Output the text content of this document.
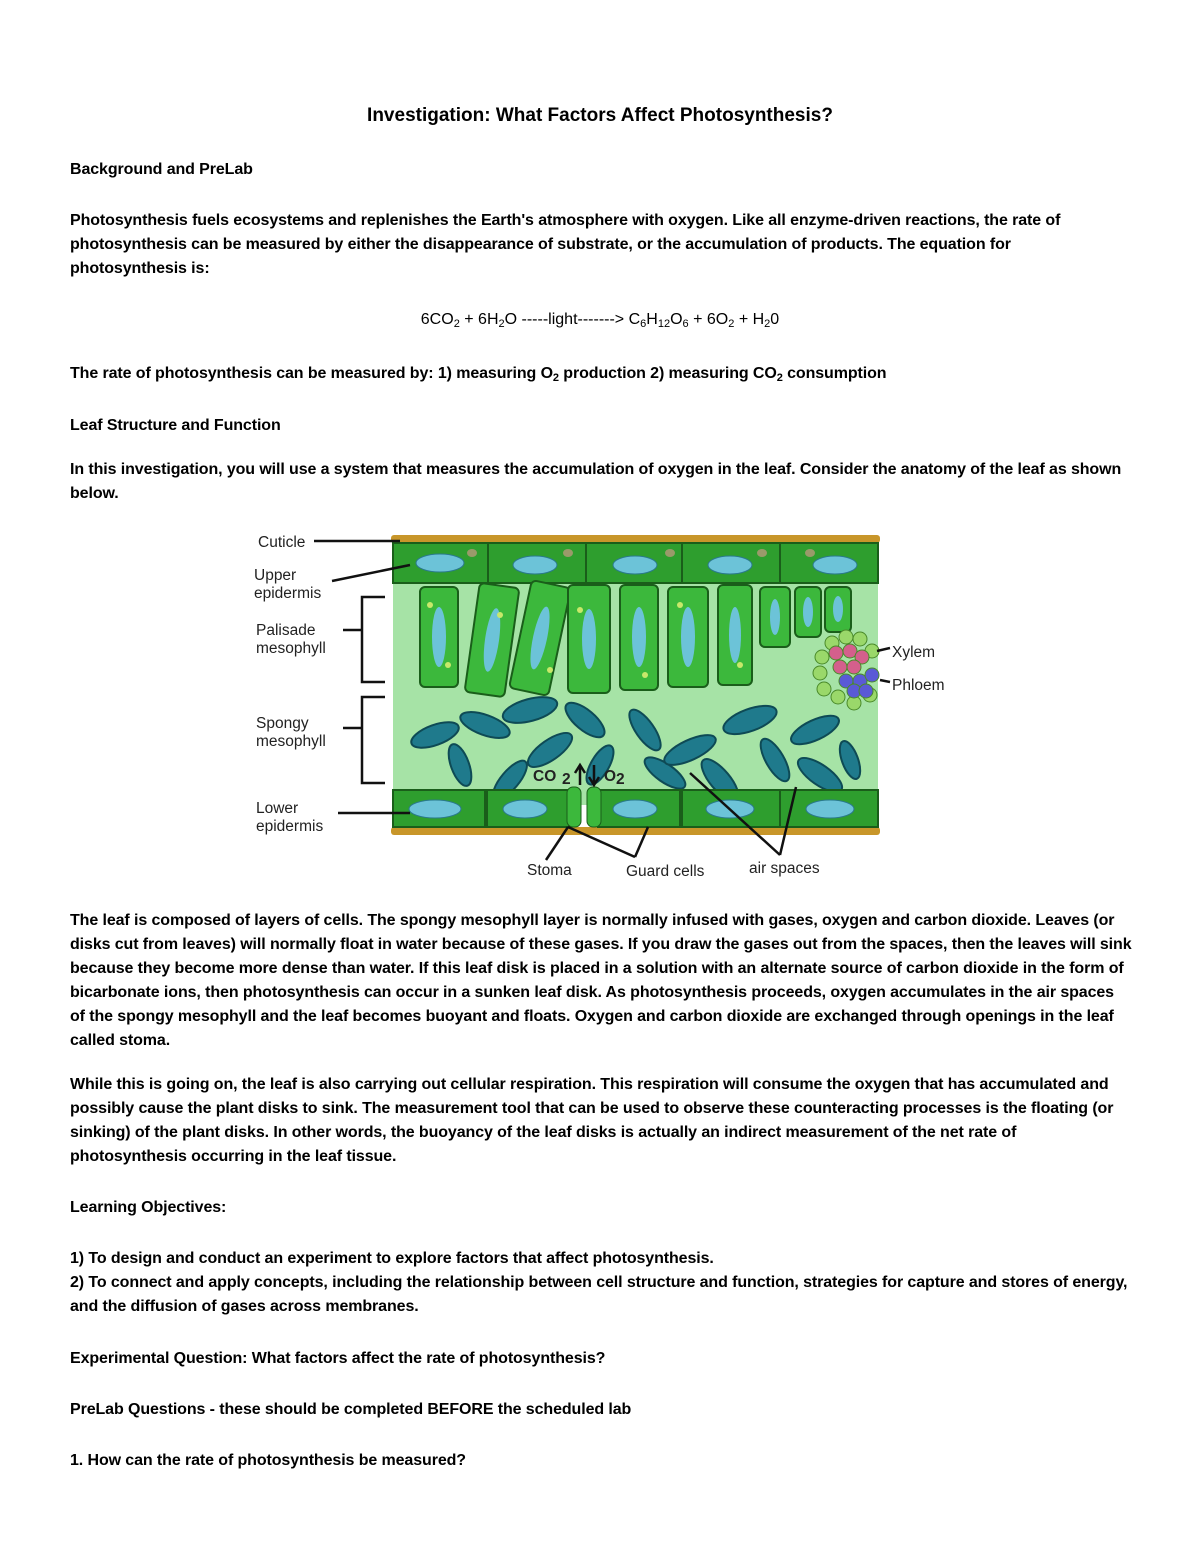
Investigation: What Factors Affect Photosynthesis?
Background and PreLab
Photosynthesis fuels ecosystems and replenishes the Earth's atmosphere with oxygen. Like all enzyme-driven reactions, the rate of photosynthesis can be measured by either the disappearance of substrate, or the accumulation of products. The equation for photosynthesis is:
$6CO_2 + 6H_2O$ -----light-------> $C_6H_{12}O_6 + 6O_2 + H_20$
The rate of photosynthesis can be measured by: 1) measuring $O_2$ production 2) measuring $CO_2$ consumption
Leaf Structure and Function
In this investigation, you will use a system that measures the accumulation of oxygen in the leaf. Consider the anatomy of the leaf as shown below.
CO 2 O 2
Cuticle
Upper
epidermis
Palisade
mesophyll
Spongy
mesophyll
Lower
epidermis
Stoma	Guard cells	air spaces
Xylem
Phloem
The leaf is composed of layers of cells. The spongy mesophyll layer is normally infused with gases, oxygen and carbon dioxide. Leaves (or disks cut from leaves) will normally float in water because of these gases. If you draw the gases out from the spaces, then the leaves will sink because they become more dense than water. If this leaf disk is placed in a solution with an alternate source of carbon dioxide in the form of bicarbonate ions, then photosynthesis can occur in a sunken leaf disk. As photosynthesis proceeds, oxygen accumulates in the air spaces of the spongy mesophyll and the leaf becomes buoyant and floats. Oxygen and carbon dioxide are exchanged through openings in the leaf called stoma.
While this is going on, the leaf is also carrying out cellular respiration. This respiration will consume the oxygen that has accumulated and possibly cause the plant disks to sink. The measurement tool that can be used to observe these counteracting processes is the floating (or sinking) of the plant disks. In other words, the buoyancy of the leaf disks is actually an indirect measurement of the net rate of photosynthesis occurring in the leaf tissue.
Learning Objectives:
1) To design and conduct an experiment to explore factors that affect photosynthesis.
2) To connect and apply concepts, including the relationship between cell structure and function, strategies for capture and stores of energy, and the diffusion of gases across membranes.
Experimental Question: What factors affect the rate of photosynthesis?
PreLab Questions - these should be completed BEFORE the scheduled lab
1. How can the rate of photosynthesis be measured?
